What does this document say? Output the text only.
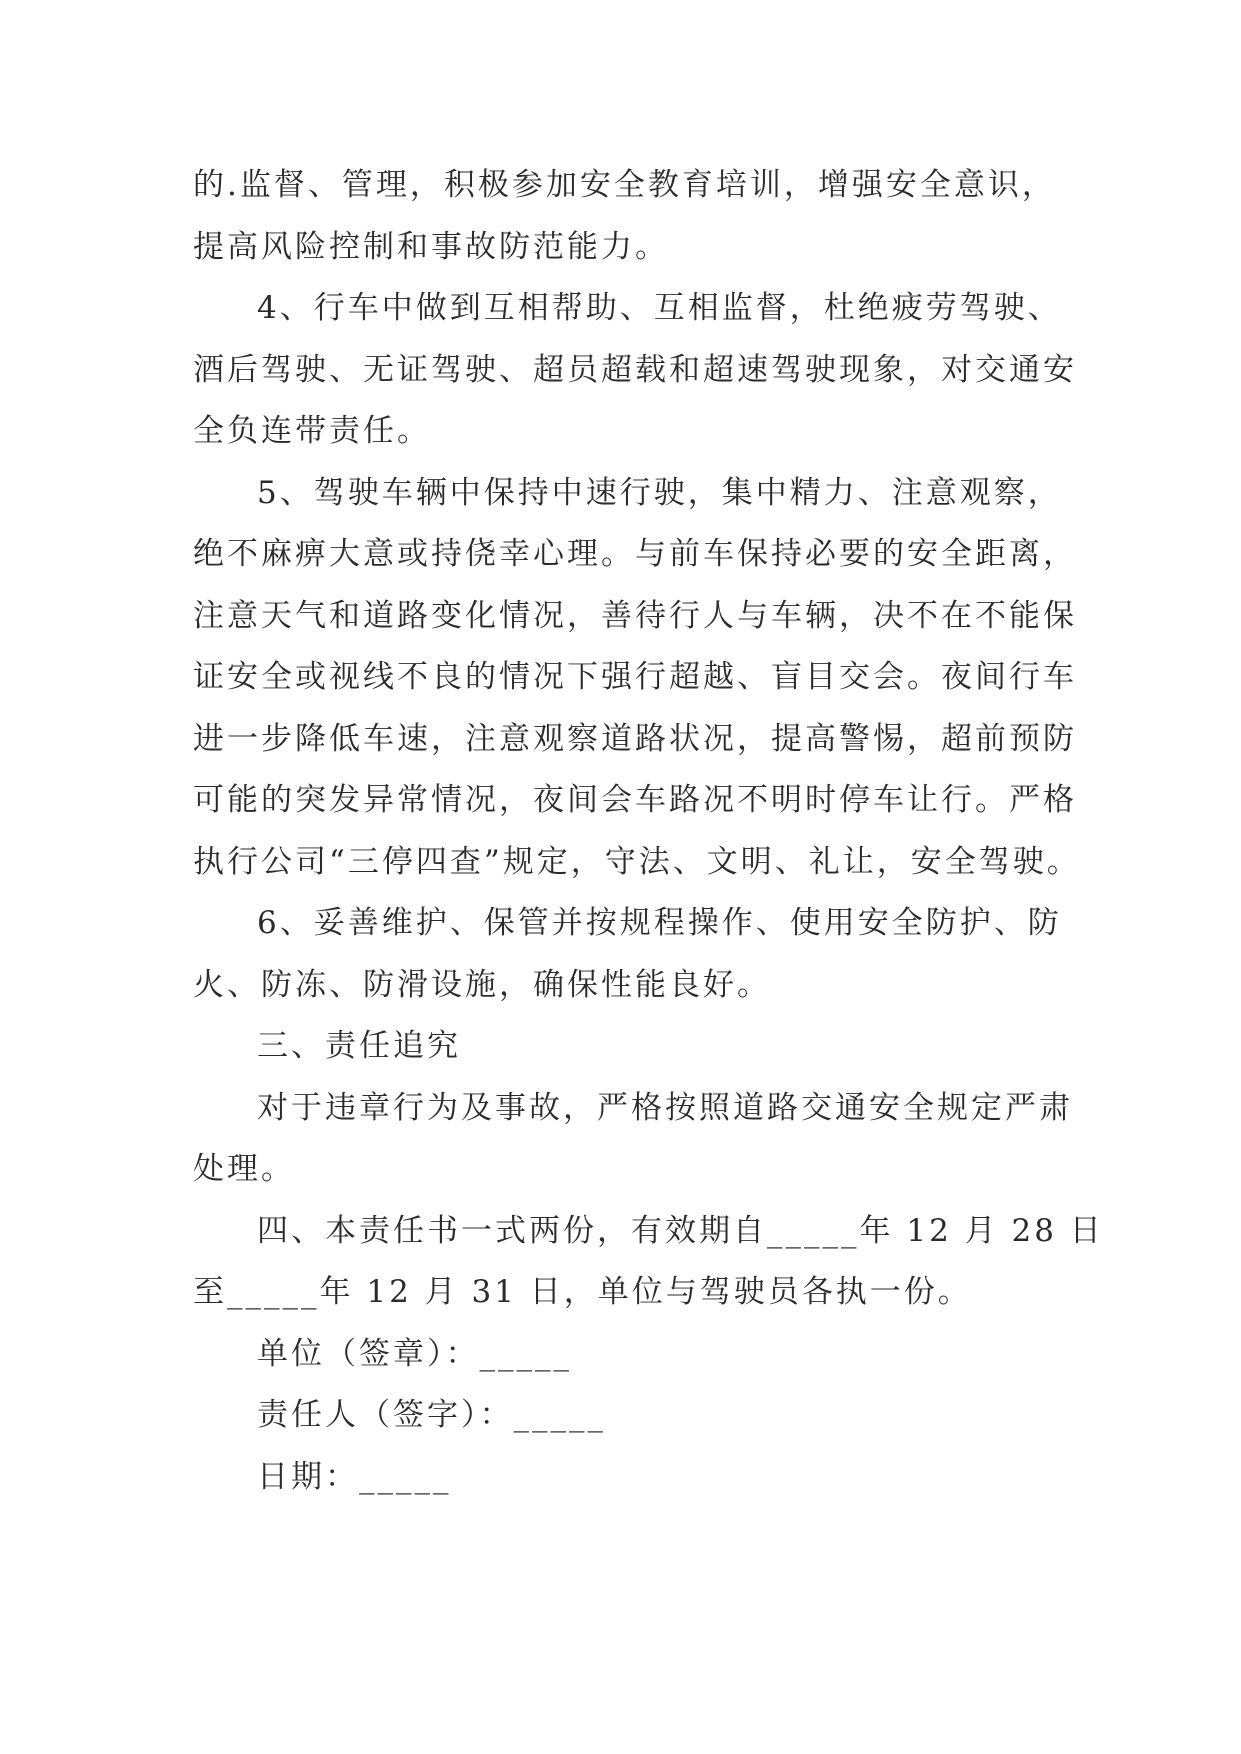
的.监督、管理，积极参加安全教育培训，增强安全意识，
提高风险控制和事故防范能力。
4、行车中做到互相帮助、互相监督，杜绝疲劳驾驶、
酒后驾驶、无证驾驶、超员超载和超速驾驶现象，对交通安
全负连带责任。
5、驾驶车辆中保持中速行驶，集中精力、注意观察，
绝不麻痹大意或持侥幸心理。与前车保持必要的安全距离，
注意天气和道路变化情况，善待行人与车辆，决不在不能保
证安全或视线不良的情况下强行超越、盲目交会。夜间行车
进一步降低车速，注意观察道路状况，提高警惕，超前预防
可能的突发异常情况，夜间会车路况不明时停车让行。严格
执行公司“三停四查”规定，守法、文明、礼让，安全驾驶。
6、妥善维护、保管并按规程操作、使用安全防护、防
火、防冻、防滑设施，确保性能良好。
三、责任追究
对于违章行为及事故，严格按照道路交通安全规定严肃
处理。
四、本责任书一式两份，有效期自_____年 12 月 28 日
至_____年 12 月 31 日，单位与驾驶员各执一份。
单位（签章）：_____
责任人（签字）：_____
日期：_____
